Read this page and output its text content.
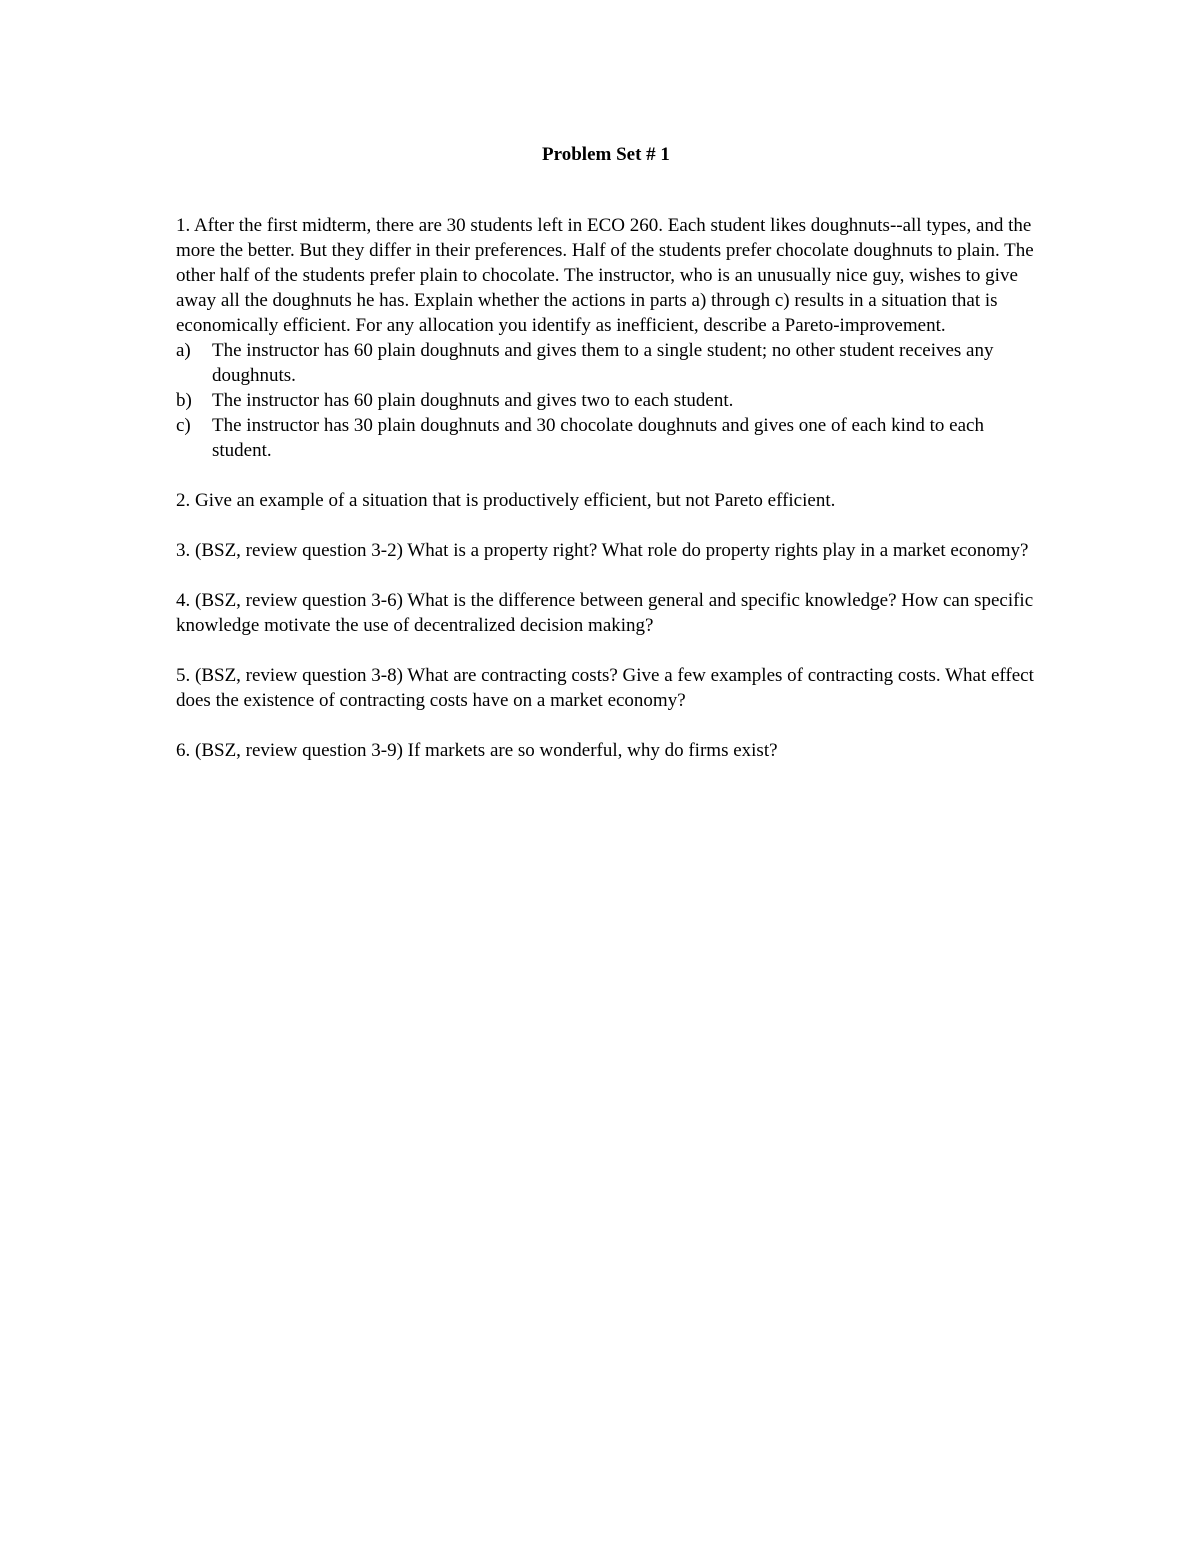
Problem Set # 1

1. After the first midterm, there are 30 students left in ECO 260. Each student likes doughnuts--all types, and the more the better. But they differ in their preferences. Half of the students prefer chocolate doughnuts to plain. The other half of the students prefer plain to chocolate. The instructor, who is an unusually nice guy, wishes to give away all the doughnuts he has. Explain whether the actions in parts a) through c) results in a situation that is economically efficient. For any allocation you identify as inefficient, describe a Pareto-improvement.

a)	The instructor has 60 plain doughnuts and gives them to a single student; no other student receives any doughnuts.
b)	The instructor has 60 plain doughnuts and gives two to each student.
c)	The instructor has 30 plain doughnuts and 30 chocolate doughnuts and gives one of each kind to each student.

2. Give an example of a situation that is productively efficient, but not Pareto efficient.

3. (BSZ, review question 3-2) What is a property right? What role do property rights play in a market economy?

4. (BSZ, review question 3-6) What is the difference between general and specific knowledge? How can specific knowledge motivate the use of decentralized decision making?

5. (BSZ, review question 3-8) What are contracting costs? Give a few examples of contracting costs. What effect does the existence of contracting costs have on a market economy?

6. (BSZ, review question 3-9) If markets are so wonderful, why do firms exist?
